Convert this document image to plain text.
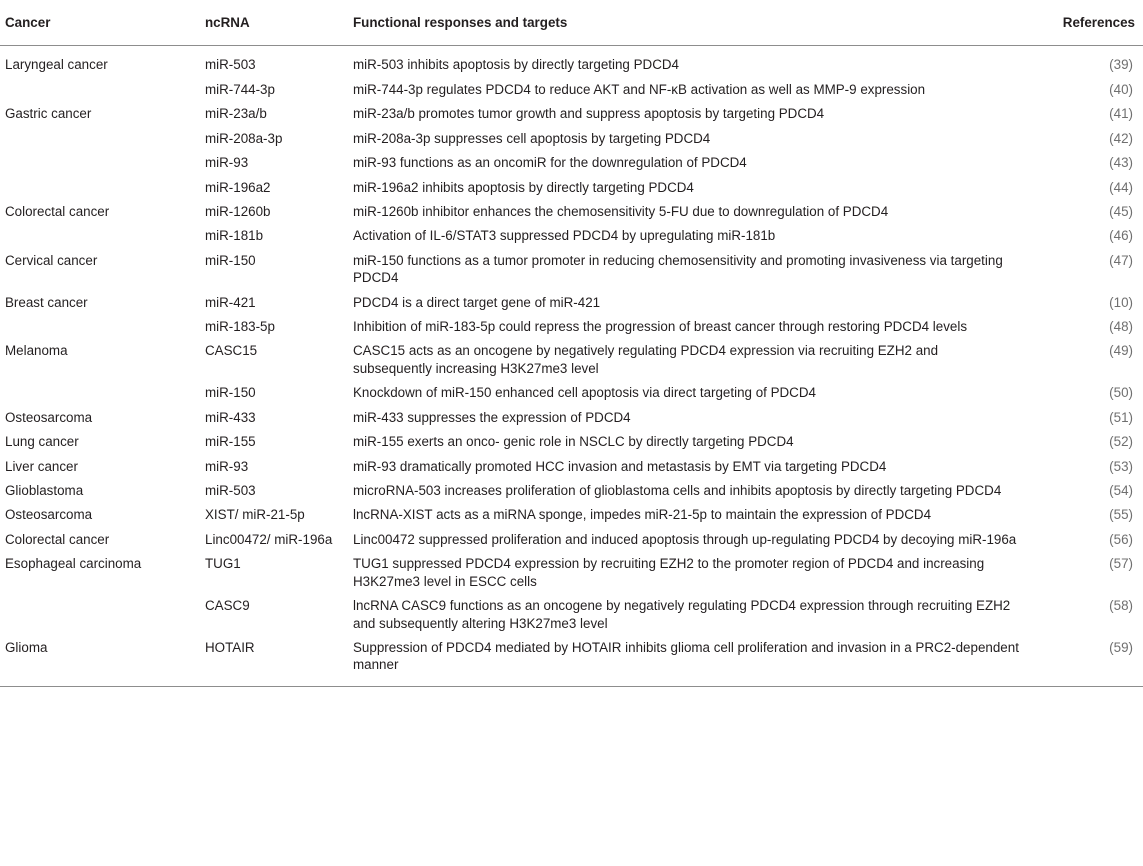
Cancer	ncRNA	Functional responses and targets	References
Laryngeal cancer	miR-503	miR-503 inhibits apoptosis by directly targeting PDCD4	(39)
	miR-744-3p	miR-744-3p regulates PDCD4 to reduce AKT and NF-κB activation as well as MMP-9 expression	(40)
Gastric cancer	miR-23a/b	miR-23a/b promotes tumor growth and suppress apoptosis by targeting PDCD4	(41)
	miR-208a-3p	miR-208a-3p suppresses cell apoptosis by targeting PDCD4	(42)
	miR-93	miR-93 functions as an oncomiR for the downregulation of PDCD4	(43)
	miR-196a2	miR-196a2 inhibits apoptosis by directly targeting PDCD4	(44)
Colorectal cancer	miR-1260b	miR-1260b inhibitor enhances the chemosensitivity 5-FU due to downregulation of PDCD4	(45)
	miR-181b	Activation of IL-6/STAT3 suppressed PDCD4 by upregulating miR-181b	(46)
Cervical cancer	miR-150	miR-150 functions as a tumor promoter in reducing chemosensitivity and promoting invasiveness via targeting PDCD4	(47)
Breast cancer	miR-421	PDCD4 is a direct target gene of miR-421	(10)
	miR-183-5p	Inhibition of miR-183-5p could repress the progression of breast cancer through restoring PDCD4 levels	(48)
Melanoma	CASC15	CASC15 acts as an oncogene by negatively regulating PDCD4 expression via recruiting EZH2 and subsequently increasing H3K27me3 level	(49)
	miR-150	Knockdown of miR-150 enhanced cell apoptosis via direct targeting of PDCD4	(50)
Osteosarcoma	miR-433	miR-433 suppresses the expression of PDCD4	(51)
Lung cancer	miR-155	miR-155 exerts an onco- genic role in NSCLC by directly targeting PDCD4	(52)
Liver cancer	miR-93	miR-93 dramatically promoted HCC invasion and metastasis by EMT via targeting PDCD4	(53)
Glioblastoma	miR-503	microRNA-503 increases proliferation of glioblastoma cells and inhibits apoptosis by directly targeting PDCD4	(54)
Osteosarcoma	XIST/ miR-21-5p	lncRNA-XIST acts as a miRNA sponge, impedes miR-21-5p to maintain the expression of PDCD4	(55)
Colorectal cancer	Linc00472/ miR-196a	Linc00472 suppressed proliferation and induced apoptosis through up-regulating PDCD4 by decoying miR-196a	(56)
Esophageal carcinoma	TUG1	TUG1 suppressed PDCD4 expression by recruiting EZH2 to the promoter region of PDCD4 and increasing H3K27me3 level in ESCC cells	(57)
	CASC9	lncRNA CASC9 functions as an oncogene by negatively regulating PDCD4 expression through recruiting EZH2 and subsequently altering H3K27me3 level	(58)
Glioma	HOTAIR	Suppression of PDCD4 mediated by HOTAIR inhibits glioma cell proliferation and invasion in a PRC2-dependent manner	(59)
